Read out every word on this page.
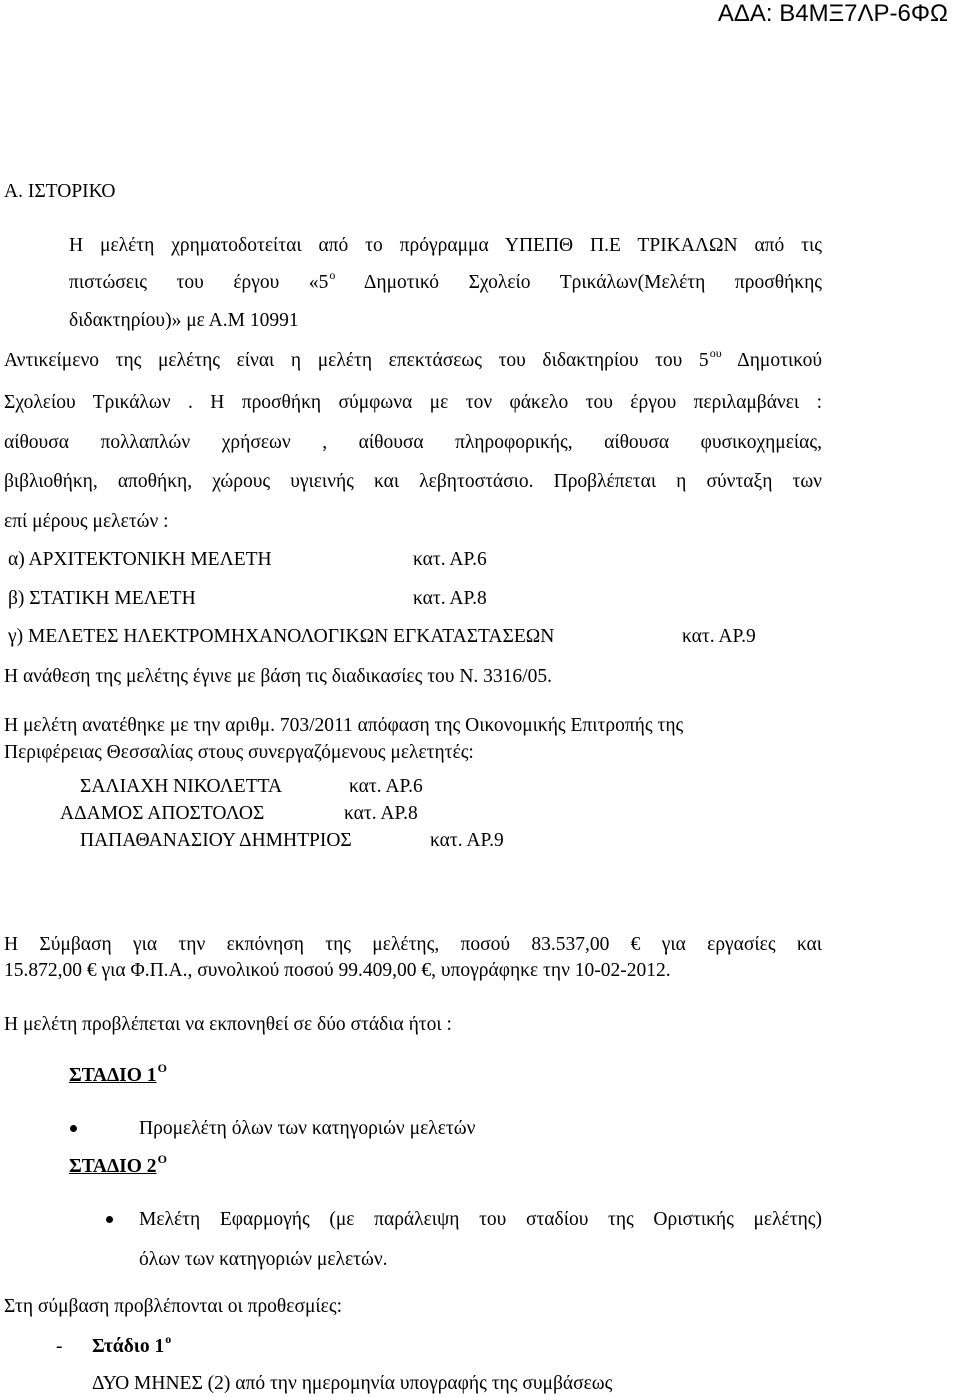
ΑΔΑ: Β4ΜΞ7ΛΡ-6ΦΩ
Α. ΙΣΤΟΡΙΚΟ
Η μελέτη χρηματοδοτείται από το πρόγραμμα ΥΠΕΠΘ Π.Ε ΤΡΙΚΑΛΩΝ από τις
πιστώσεις του έργου «$5^o$ Δημοτικό Σχολείο Τρικάλων(Μελέτη προσθήκης
διδακτηρίου)» με Α.Μ 10991
Αντικείμενο της μελέτης είναι η μελέτη επεκτάσεως του διδακτηρίου του $5^{o\upsilon}$ Δημοτικού
Σχολείου Τρικάλων . Η προσθήκη σύμφωνα με τον φάκελο του έργου περιλαμβάνει :
αίθουσα πολλαπλών χρήσεων , αίθουσα πληροφορικής, αίθουσα φυσικοχημείας,
βιβλιοθήκη, αποθήκη, χώρους υγιεινής και λεβητοστάσιο. Προβλέπεται η σύνταξη των
επί μέρους μελετών :
α) ΑΡΧΙΤΕΚΤΟΝΙΚΗ ΜΕΛΕΤΗ	κατ. ΑΡ.6
β) ΣΤΑΤΙΚΗ ΜΕΛΕΤΗ	κατ. ΑΡ.8
γ) ΜΕΛΕΤΕΣ ΗΛΕΚΤΡΟΜΗΧΑΝΟΛΟΓΙΚΩΝ ΕΓΚΑΤΑΣΤΑΣΕΩΝ	κατ. ΑΡ.9
Η ανάθεση της μελέτης έγινε με βάση τις διαδικασίες του Ν. 3316/05.
Η μελέτη ανατέθηκε με την αριθμ. 703/2011 απόφαση της Οικονομικής Επιτροπής της
Περιφέρειας Θεσσαλίας στους συνεργαζόμενους μελετητές:
ΣΑΛΙΑΧΗ ΝΙΚΟΛΕΤΤΑ	κατ. ΑΡ.6
ΑΔΑΜΟΣ ΑΠΟΣΤΟΛΟΣ	κατ. ΑΡ.8
ΠΑΠΑΘΑΝΑΣΙΟΥ ΔΗΜΗΤΡΙΟΣ	κατ. ΑΡ.9
Η Σύμβαση για την εκπόνηση της μελέτης, ποσού 83.537,00 € για εργασίες και
15.872,00 € για Φ.Π.Α., συνολικού ποσού 99.409,00 €, υπογράφηκε την 10-02-2012.
Η μελέτη προβλέπεται να εκπονηθεί σε δύο στάδια ήτοι :
ΣΤΑΔΙΟ $1^O$
Προμελέτη όλων των κατηγοριών μελετών
ΣΤΑΔΙΟ $2^O$
Μελέτη Εφαρμογής (με παράλειψη του σταδίου της Οριστικής μελέτης)
όλων των κατηγοριών μελετών.
Στη σύμβαση προβλέπονται οι προθεσμίες:
- Στάδιο $1^o$
ΔΥΟ ΜΗΝΕΣ (2) από την ημερομηνία υπογραφής της συμβάσεως
